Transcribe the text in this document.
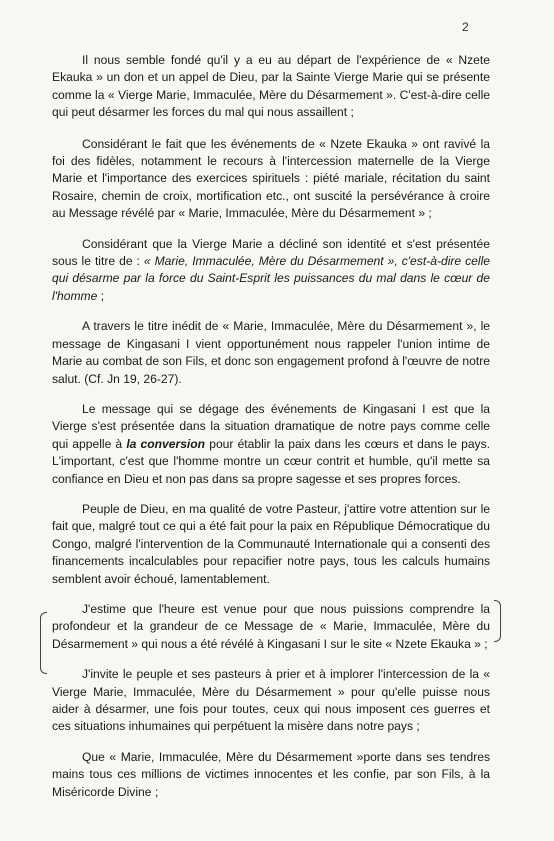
2

Il nous semble fondé qu'il y a eu au départ de l'expérience de « Nzete Ekauka » un don et un appel de Dieu, par la Sainte Vierge Marie qui se présente comme la « Vierge Marie, Immaculée, Mère du Désarmement ». C'est-à-dire celle qui peut désarmer les forces du mal qui nous assaillent ;

Considérant le fait que les événements de « Nzete Ekauka » ont ravivé la foi des fidèles, notamment le recours à l'intercession maternelle de la Vierge Marie et l'importance des exercices spirituels : piété mariale, récitation du saint Rosaire, chemin de croix, mortification etc., ont suscité la persévérance à croire au Message révélé par « Marie, Immaculée, Mère du Désarmement » ;

Considérant que la Vierge Marie a décliné son identité et s'est présentée sous le titre de : « Marie, Immaculée, Mère du Désarmement », c'est-à-dire celle qui désarme par la force du Saint-Esprit les puissances du mal dans le cœur de l'homme ;

A travers le titre inédit de « Marie, Immaculée, Mère du Désarmement », le message de Kingasani I vient opportunément nous rappeler l'union intime de Marie au combat de son Fils, et donc son engagement profond à l'œuvre de notre salut. (Cf. Jn 19, 26-27).

Le message qui se dégage des événements de Kingasani I est que la Vierge s'est présentée dans la situation dramatique de notre pays comme celle qui appelle à la conversion pour établir la paix dans les cœurs et dans le pays. L'important, c'est que l'homme montre un cœur contrit et humble, qu'il mette sa confiance en Dieu et non pas dans sa propre sagesse et ses propres forces.

Peuple de Dieu, en ma qualité de votre Pasteur, j'attire votre attention sur le fait que, malgré tout ce qui a été fait pour la paix en République Démocratique du Congo, malgré l'intervention de la Communauté Internationale qui a consenti des financements incalculables pour repacifier notre pays, tous les calculs humains semblent avoir échoué, lamentablement.

J'estime que l'heure est venue pour que nous puissions comprendre la profondeur et la grandeur de ce Message de « Marie, Immaculée, Mère du Désarmement » qui nous a été révélé à Kingasani I sur le site « Nzete Ekauka » ;

J'invite le peuple et ses pasteurs à prier et à implorer l'intercession de la « Vierge Marie, Immaculée, Mère du Désarmement » pour qu'elle puisse nous aider à désarmer, une fois pour toutes, ceux qui nous imposent ces guerres et ces situations inhumaines qui perpétuent la misère dans notre pays ;

Que « Marie, Immaculée, Mère du Désarmement »porte dans ses tendres mains tous ces millions de victimes innocentes et les confie, par son Fils, à la Miséricorde Divine ;
